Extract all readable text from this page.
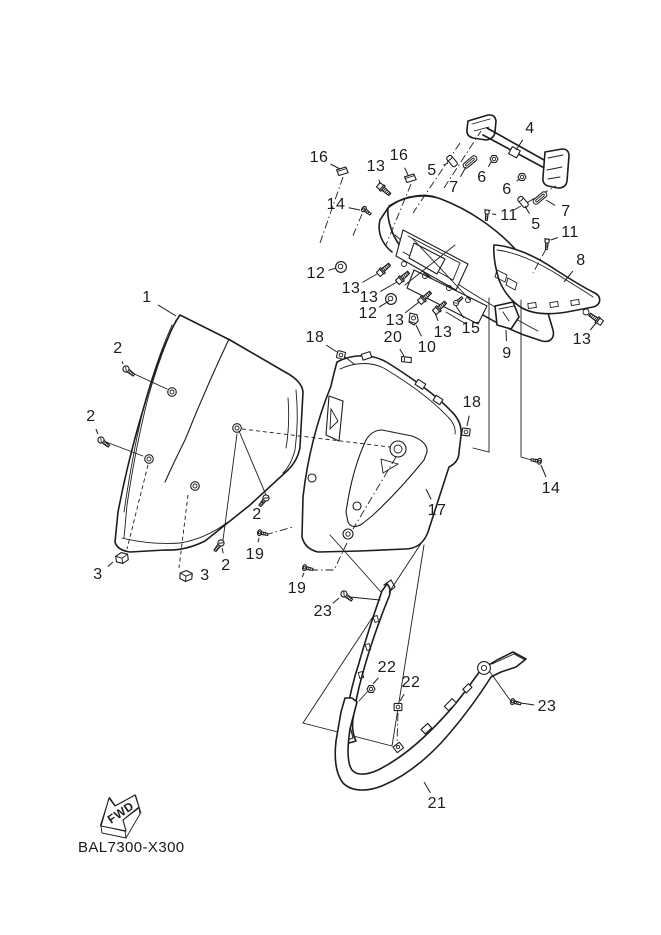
FWD
BAL7300-X300
16
13
16
5
7
6
4
6
7
5
11
14
11
8
12
13
13
12 13
13 15
10	13
9
18	20
18
14
17
1
2
2
3	3
2
2
19
19
23
22
22
23
21
